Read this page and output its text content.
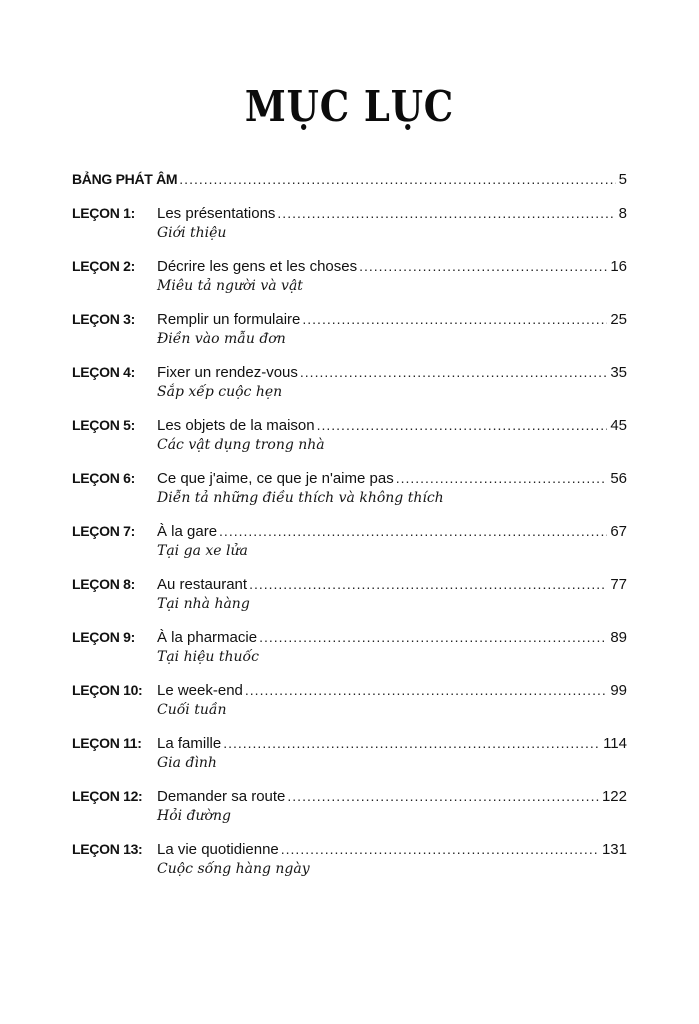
MỤC LỤC
BẢNG PHÁT ÂM .....	5
LEÇON 1:	Les présentations .....	8
Giới thiệu
LEÇON 2:	Décrire les gens et les choses .....	16
Miêu tả người và vật
LEÇON 3:	Remplir un formulaire .....	25
Điền vào mẫu đơn
LEÇON 4:	Fixer un rendez-vous .....	35
Sắp xếp cuộc hẹn
LEÇON 5:	Les objets de la maison .....	45
Các vật dụng trong nhà
LEÇON 6:	Ce que j'aime, ce que je n'aime pas .....	56
Diễn tả những điều thích và không thích
LEÇON 7:	À la gare .....	67
Tại ga xe lửa
LEÇON 8:	Au restaurant .....	77
Tại nhà hàng
LEÇON 9:	À la pharmacie .....	89
Tại hiệu thuốc
LEÇON 10: Le week-end .....	99
Cuối tuần
LEÇON 11:	La famille .....	114
Gia đình
LEÇON 12: Demander sa route .....	122
Hỏi đường
LEÇON 13: La vie quotidienne .....	131
Cuộc sống hàng ngày
